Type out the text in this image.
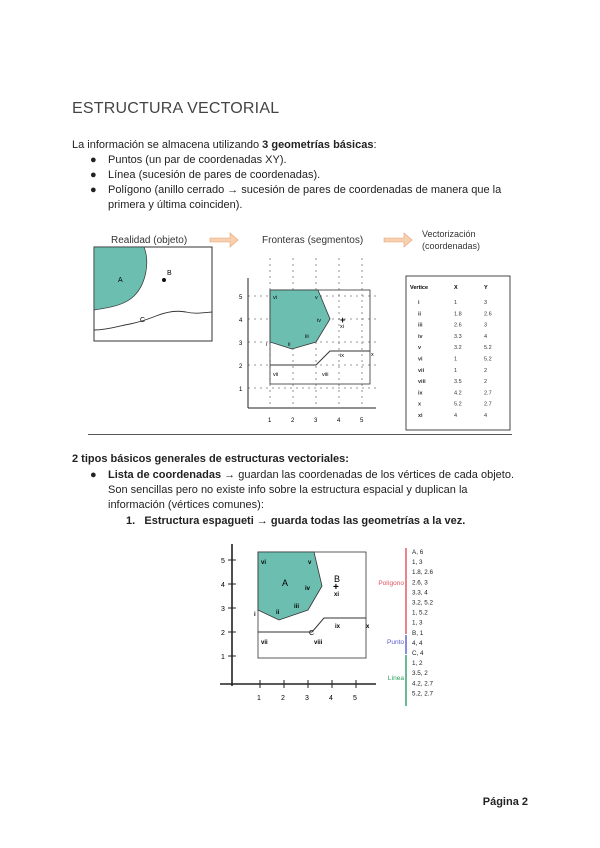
ESTRUCTURA VECTORIAL
La información se almacena utilizando 3 geometrías básicas:
● Puntos (un par de coordenadas XY).
● Línea (sucesión de pares de coordenadas).
● Polígono (anillo cerrado → sucesión de pares de coordenadas de manera que la
primera y última coinciden).
Realidad (objeto)
A
B
C
Fronteras (segmentos)
+
5
4
3
2
1
1	2	3	4	5
vi	v
iv
iii
ii
i
xi
x
ix
vii	viii
Vectorización
(coordenadas)
Vertice	X	Y
i	1	3
ii	1.8	2.6
iii	2.6	3
iv	3.3	4
v	3.2	5.2
vi	1	5.2
vii	1	2
viii	3.5	2
ix	4.2	2.7
x	5.2	2.7
xi	4	4
2 tipos básicos generales de estructuras vectoriales:
● Lista de coordenadas → guardan las coordenadas de los vértices de cada objeto.
Son sencillas pero no existe info sobre la estructura espacial y duplican la
información (vértices comunes):
1. Estructura espagueti → guarda todas las geometrías a la vez.
+
5
4
3
2
1
1	2	3	4	5
A	B
C
vi	v
iv
iii
ii
i
xi
x
ix
vii	viii
Polígono
Punto
Línea
A, 6
1, 3
1.8, 2.6
2.6, 3
3.3, 4
3.2, 5.2
1, 5.2
1, 3
B, 1
4, 4
C, 4
1, 2
3.5, 2
4.2, 2.7
5.2, 2.7
Página 2
